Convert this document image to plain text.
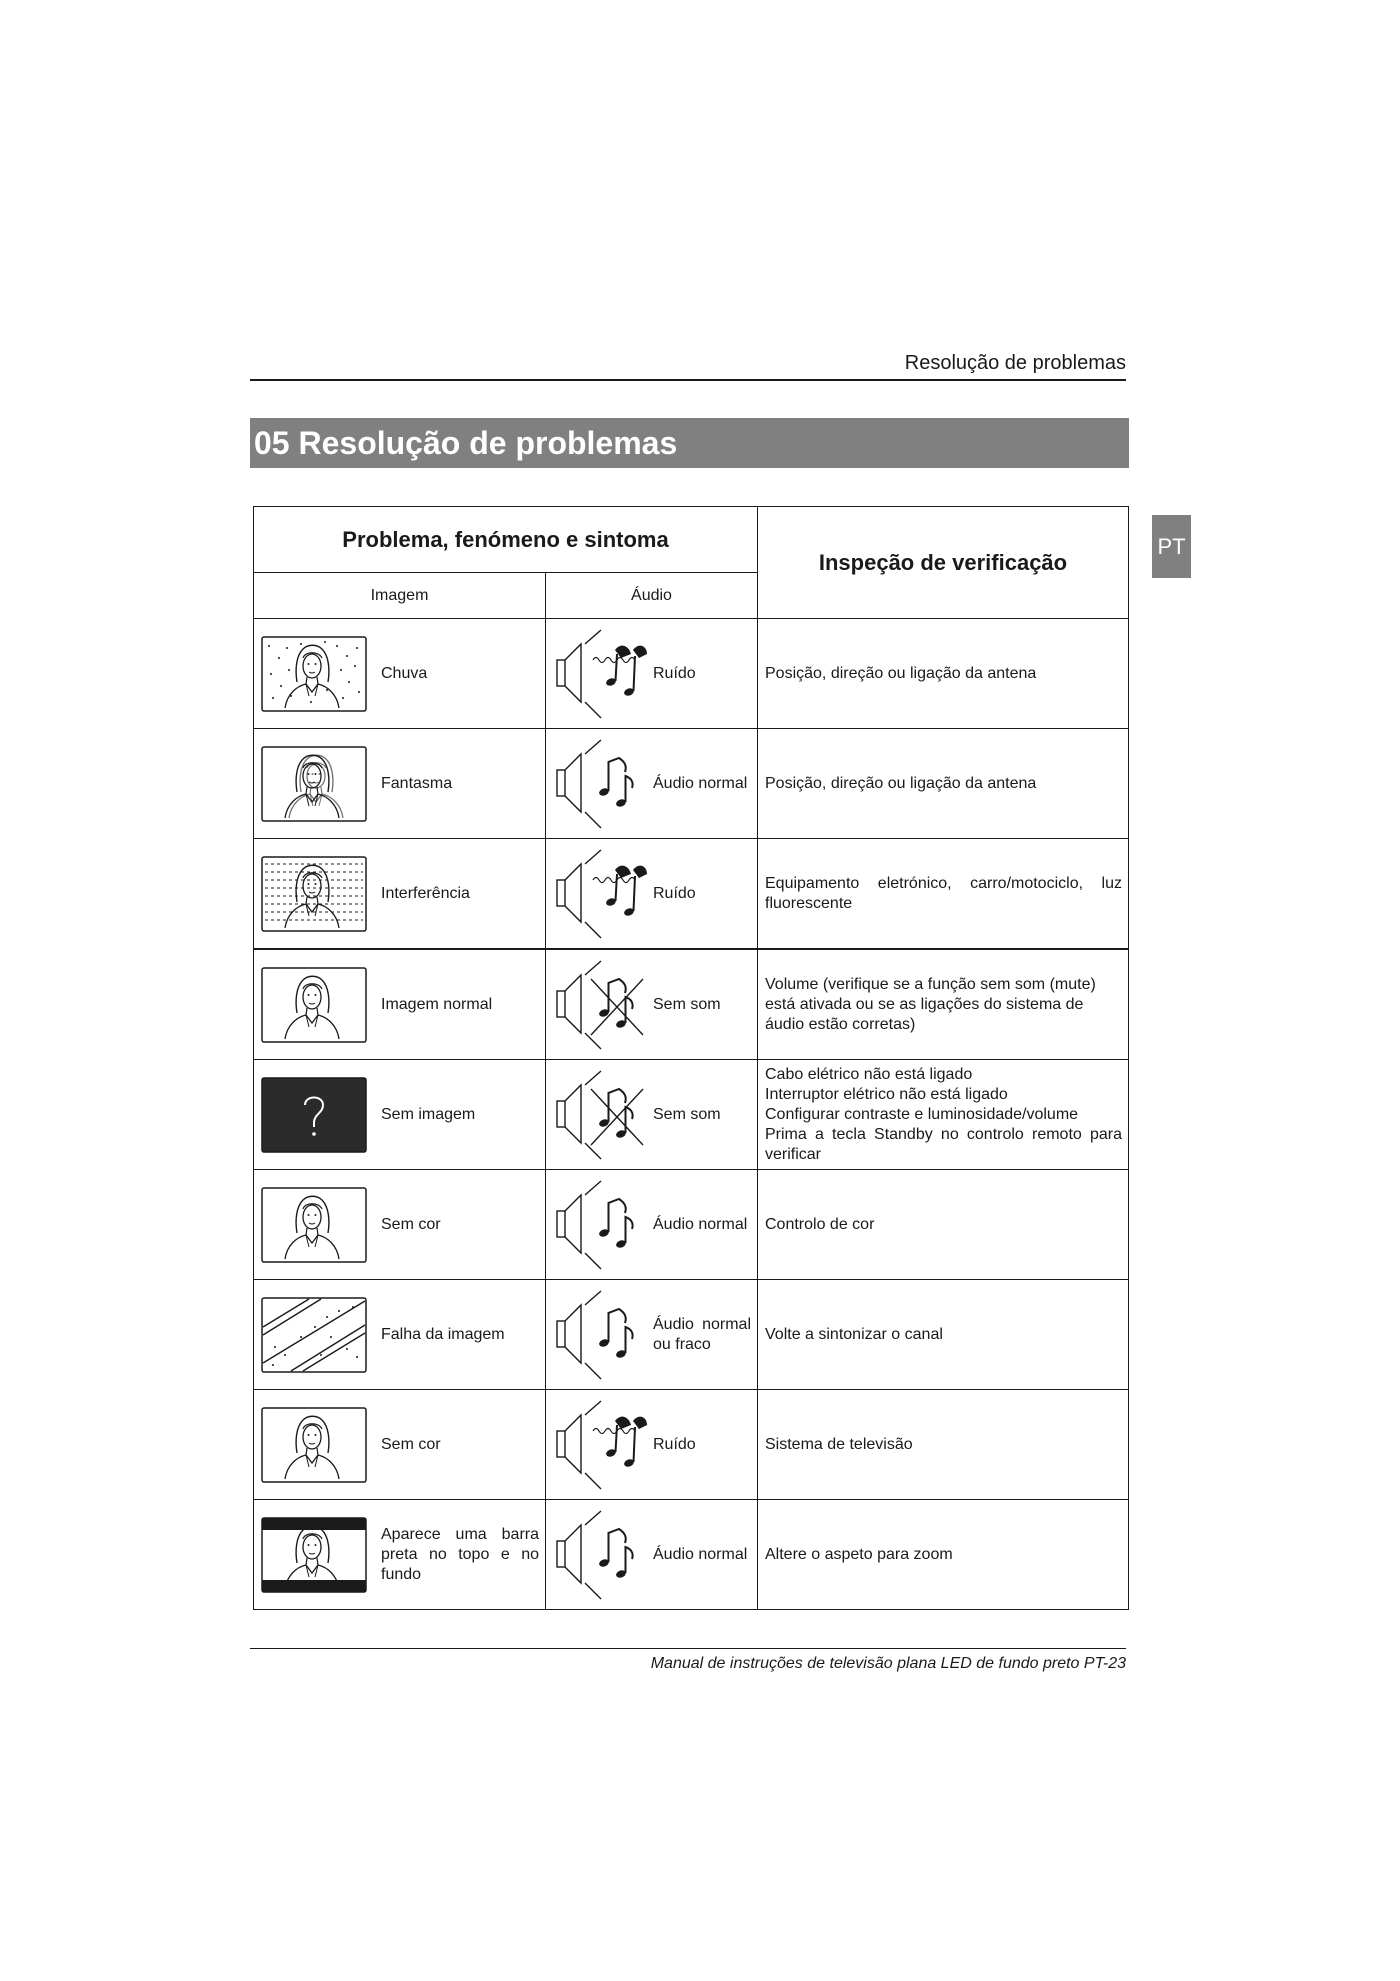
Resolução de problemas
05 Resolução de problemas
PT
Problema, fenómeno e sintoma		Inspeção de verificação
Imagem	Áudio	

Chuva	Ruído	Posição, direção ou ligação da antena

Fantasma	Áudio normal	Posição, direção ou ligação da antena

Interferência	Ruído	Equipamento eletrónico, carro/motociclo, luz fluorescente

Imagem normal	Sem som	Volume (verifique se a função sem som (mute) está ativada ou se as ligações do sistema de áudio estão corretas)

Sem imagem	Sem som	Cabo elétrico não está ligado
Interruptor elétrico não está ligado
Configurar contraste e luminosidade/volume
Prima a tecla Standby no controlo remoto para verificar

Sem cor	Áudio normal	Controlo de cor

Falha da imagem	Áudio normal ou fraco	Volte a sintonizar o canal

Sem cor	Ruído	Sistema de televisão

Aparece uma barra preta no topo e no fundo	Áudio normal	Altere o aspeto para zoom
Manual de instruções de televisão plana LED de fundo preto PT-23
